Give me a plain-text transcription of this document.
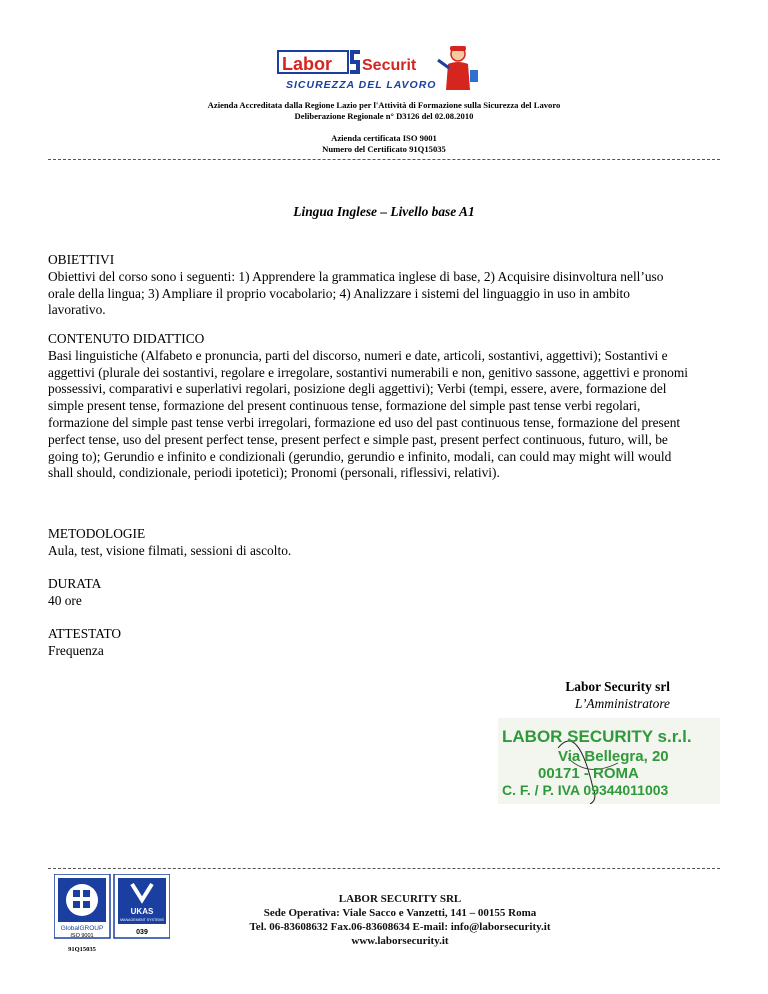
Labor Securit
SICUREZZA DEL LAVORO
Azienda Accreditata dalla Regione Lazio per l'Attività di Formazione sulla Sicurezza del Lavoro
Deliberazione Regionale n° D3126 del 02.08.2010
Azienda certificata ISO 9001
Numero del Certificato 91Q15035
Lingua Inglese – Livello base A1

OBIETTIVI

Obiettivi del corso sono i seguenti: 1) Apprendere la grammatica inglese di base, 2) Acquisire disinvoltura nell’uso orale della lingua; 3) Ampliare il proprio vocabolario; 4) Analizzare i sistemi del linguaggio in uso in ambito lavorativo.

CONTENUTO DIDATTICO

Basi linguistiche (Alfabeto e pronuncia, parti del discorso, numeri e date, articoli, sostantivi, aggettivi); Sostantivi e aggettivi (plurale dei sostantivi, regolare e irregolare, sostantivi numerabili e non, genitivo sassone, aggettivi e pronomi possessivi, comparativi e superlativi regolari, posizione degli aggettivi); Verbi (tempi, essere, avere, formazione del simple present tense, formazione del present continuous tense, formazione del simple past tense verbi regolari, formazione del simple past tense verbi irregolari, formazione ed uso del past continuous tense, formazione del present perfect tense, uso del present perfect tense, present perfect e simple past, present perfect continuous, futuro, will, be going to); Gerundio e infinito e condizionali (gerundio, gerundio e infinito, modali, can could may might will would shall should, condizionale, periodi ipotetici); Pronomi (personali, riflessivi, relativi).

METODOLOGIE

Aula, test, visione filmati, sessioni di ascolto.

DURATA

40 ore

ATTESTATO

Frequenza

Labor Security srl
L’Amministratore
LABOR SECURITY s.r.l.
Via Bellegra, 20
00171 - ROMA
C. F. / P. IVA 09344011003
GlobalGROUP
ISO 9001
UKAS
MANAGEMENT SYSTEMS
039
91Q15035
LABOR SECURITY SRL
Sede Operativa: Viale Sacco e Vanzetti, 141 – 00155 Roma
Tel. 06-83608632 Fax.06-83608634 E-mail: info@laborsecurity.it
www.laborsecurity.it
